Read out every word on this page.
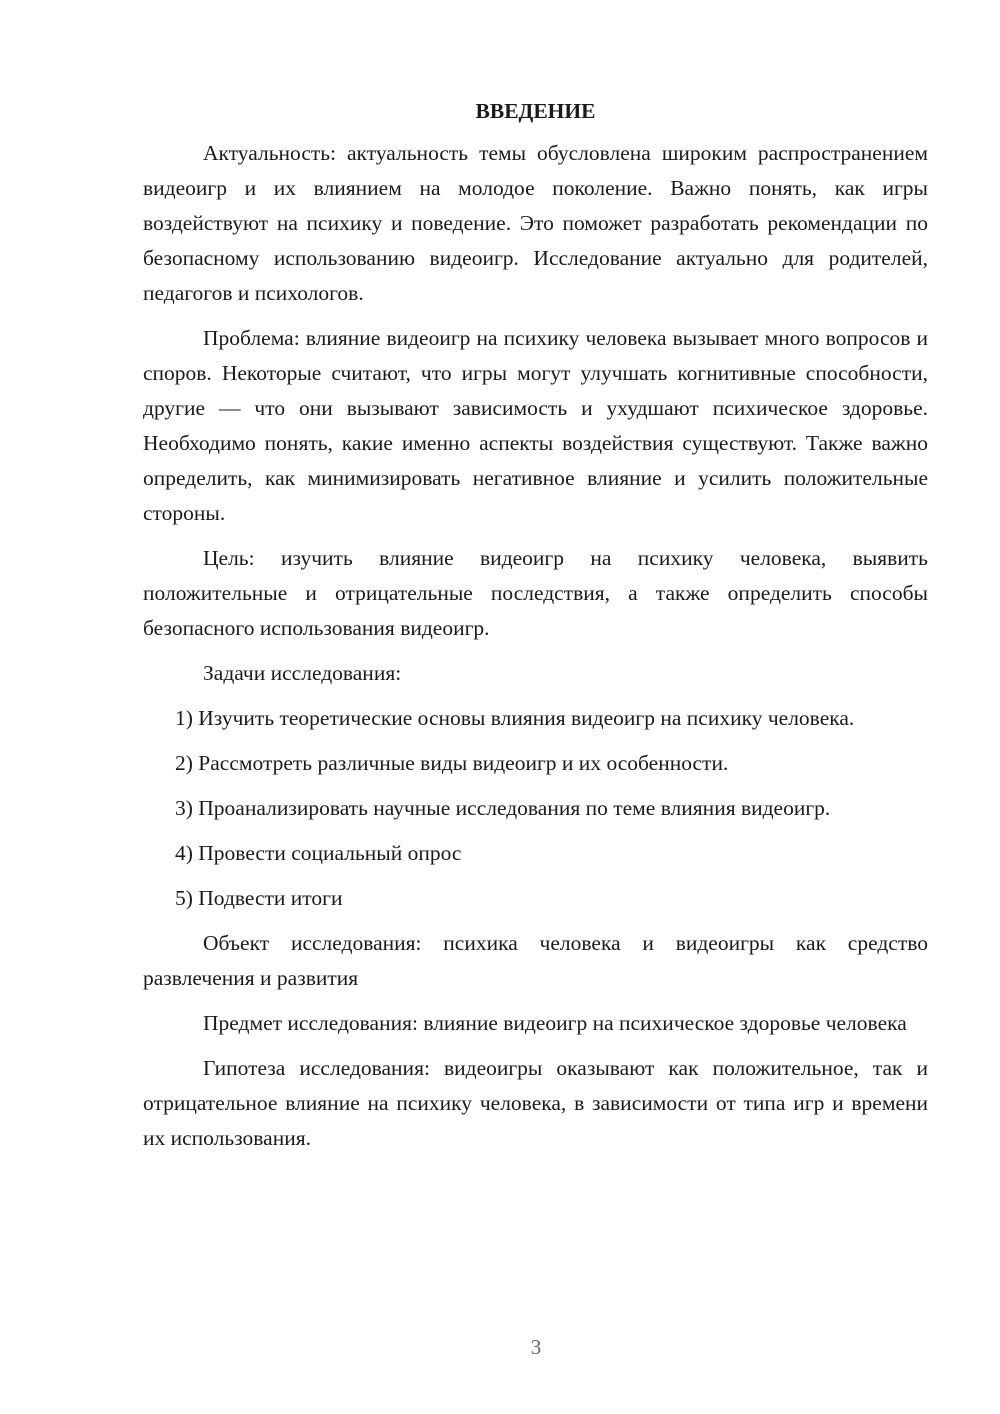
ВВЕДЕНИЕ

Актуальность: актуальность темы обусловлена широким распространением видеоигр и их влиянием на молодое поколение. Важно понять, как игры воздействуют на психику и поведение. Это поможет разработать рекомендации по безопасному использованию видеоигр. Исследование актуально для родителей, педагогов и психологов.

Проблема: влияние видеоигр на психику человека вызывает много вопросов и споров. Некоторые считают, что игры могут улучшать когнитивные способности, другие — что они вызывают зависимость и ухудшают психическое здоровье. Необходимо понять, какие именно аспекты воздействия существуют. Также важно определить, как минимизировать негативное влияние и усилить положительные стороны.

Цель: изучить влияние видеоигр на психику человека, выявить положительные и отрицательные последствия, а также определить способы безопасного использования видеоигр.

Задачи исследования:

1) Изучить теоретические основы влияния видеоигр на психику человека.

2) Рассмотреть различные виды видеоигр и их особенности.

3) Проанализировать научные исследования по теме влияния видеоигр.

4) Провести социальный опрос

5) Подвести итоги

Объект исследования: психика человека и видеоигры как средство развлечения и развития

Предмет исследования: влияние видеоигр на психическое здоровье человека

Гипотеза исследования: видеоигры оказывают как положительное, так и отрицательное влияние на психику человека, в зависимости от типа игр и времени их использования.

3
